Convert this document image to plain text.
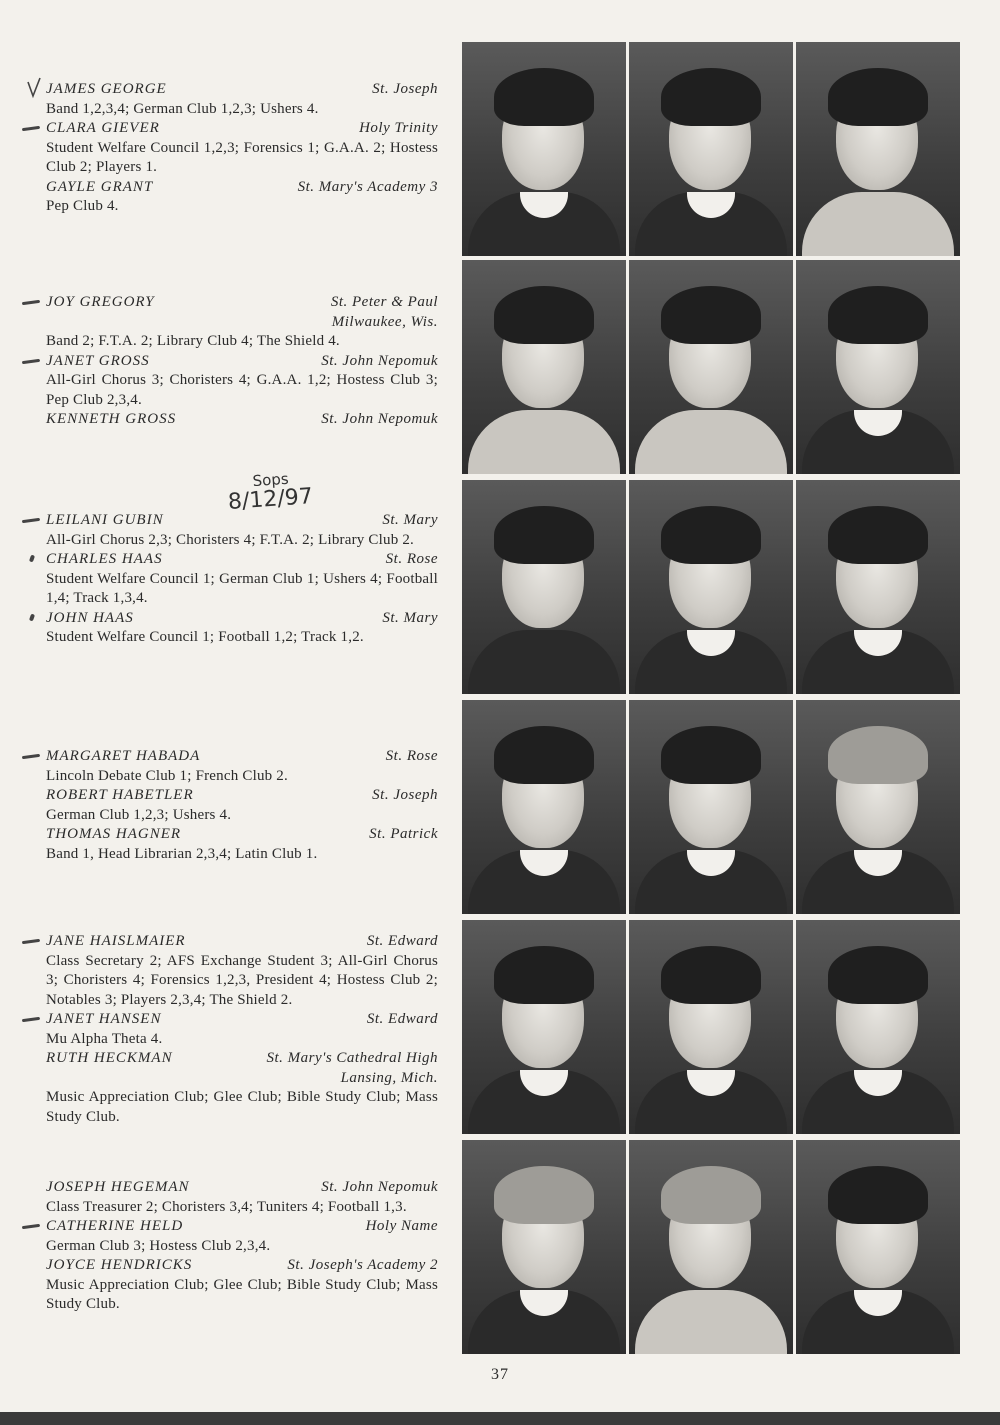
JAMES GEORGE	St. Joseph
Band 1,2,3,4; German Club 1,2,3; Ushers 4.
CLARA GIEVER	Holy Trinity
Student Welfare Council 1,2,3; Forensics 1; G.A.A. 2; Hostess Club 2; Players 1.
GAYLE GRANT	St. Mary's Academy 3
Pep Club 4.
JOY GREGORY	St. Peter & Paul
Milwaukee, Wis.
Band 2; F.T.A. 2; Library Club 4; The Shield 4.
JANET GROSS	St. John Nepomuk
All-Girl Chorus 3; Choristers 4; G.A.A. 1,2; Hostess Club 3; Pep Club 2,3,4.
KENNETH GROSS	St. John Nepomuk
Sops
8/12/97
LEILANI GUBIN	St. Mary
All-Girl Chorus 2,3; Choristers 4; F.T.A. 2; Library Club 2.
CHARLES HAAS	St. Rose
Student Welfare Council 1; German Club 1; Ushers 4; Football 1,4; Track 1,3,4.
JOHN HAAS	St. Mary
Student Welfare Council 1; Football 1,2; Track 1,2.
MARGARET HABADA	St. Rose
Lincoln Debate Club 1; French Club 2.
ROBERT HABETLER	St. Joseph
German Club 1,2,3; Ushers 4.
THOMAS HAGNER	St. Patrick
Band 1, Head Librarian 2,3,4; Latin Club 1.
JANE HAISLMAIER	St. Edward
Class Secretary 2; AFS Exchange Student 3; All-Girl Chorus 3; Choristers 4; Forensics 1,2,3, President 4; Hostess Club 2; Notables 3; Players 2,3,4; The Shield 2.
JANET HANSEN	St. Edward
Mu Alpha Theta 4.
RUTH HECKMAN	St. Mary's Cathedral High
Lansing, Mich.
Music Appreciation Club; Glee Club; Bible Study Club; Mass Study Club.
JOSEPH HEGEMAN	St. John Nepomuk
Class Treasurer 2; Choristers 3,4; Tuniters 4; Football 1,3.
CATHERINE HELD	Holy Name
German Club 3; Hostess Club 2,3,4.
JOYCE HENDRICKS	St. Joseph's Academy 2
Music Appreciation Club; Glee Club; Bible Study Club; Mass Study Club.
37
